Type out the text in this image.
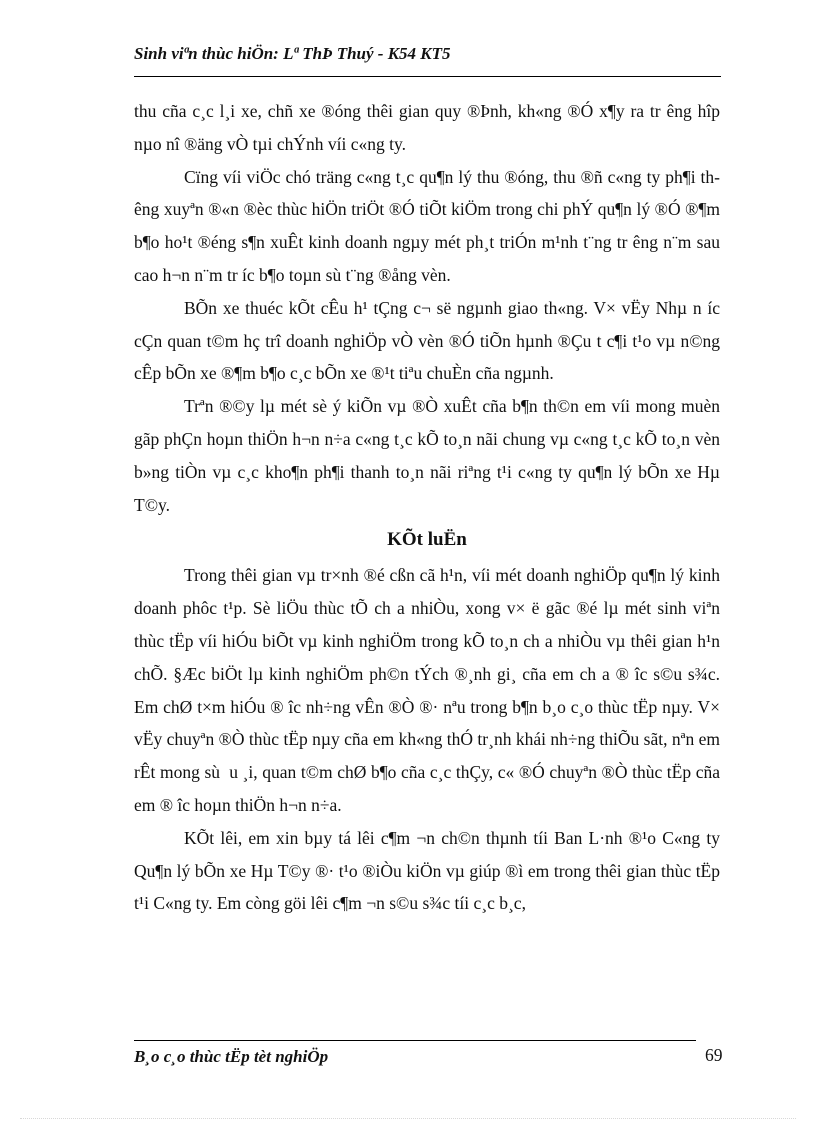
Sinh viªn thùc hiÖn: Lª ThÞ Thuý - K54 KT5

thu cña c¸c l¸i xe, chñ xe ®óng thêi gian quy ®Þnh, kh«ng ®Ó x¶y ra tr êng hîp nµo nî ®äng vÒ tµi chÝnh víi c«ng ty.

Cïng víi viÖc chó träng c«ng t¸c qu¶n lý thu ®óng, thu ®ñ c«ng ty ph¶i th êng xuyªn ®«n ®èc thùc hiÖn triÖt ®Ó tiÕt kiÖm trong chi phÝ qu¶n lý ®Ó ®¶m b¶o ho¹t ®éng s¶n xuÊt kinh doanh ngµy mét ph¸t triÓn m¹nh t¨ng tr êng n¨m sau cao h¬n n¨m tr íc b¶o toµn sù t¨ng ®ång vèn.

BÕn xe thuéc kÕt cÊu h¹ tÇng c¬ së ngµnh giao th«ng. V× vËy Nhµ n íc cÇn quan t©m hç trî doanh nghiÖp vÒ vèn ®Ó tiÕn hµnh ®Çu t c¶i t¹o vµ n©ng cÊp bÕn xe ®¶m b¶o c¸c bÕn xe ®¹t tiªu chuÈn cña ngµnh.

Trªn ®©y lµ mét sè ý kiÕn vµ ®Ò xuÊt cña b¶n th©n em víi mong muèn gãp phÇn hoµn thiÖn h¬n n÷a c«ng t¸c kÕ to¸n nãi chung vµ c«ng t¸c kÕ to¸n vèn b»ng tiÒn vµ c¸c kho¶n ph¶i thanh to¸n nãi riªng t¹i c«ng ty qu¶n lý bÕn xe Hµ T©y.

KÕt luËn

Trong thêi gian vµ tr×nh ®é cßn cã h¹n, víi mét doanh nghiÖp qu¶n lý kinh doanh phôc t¹p. Sè liÖu thùc tÕ ch a nhiÒu, xong v× ë gãc ®é lµ mét sinh viªn thùc tËp víi hiÓu biÕt vµ kinh nghiÖm trong kÕ to¸n ch a nhiÒu vµ thêi gian h¹n chÕ. §Æc biÖt lµ kinh nghiÖm ph©n tÝch ®¸nh gi¸ cña em ch a ® îc s©u s¾c. Em chØ t×m hiÓu ® îc nh÷ng vÊn ®Ò ®· nªu trong b¶n b¸o c¸o thùc tËp nµy. V× vËy chuyªn ®Ò thùc tËp nµy cña em kh«ng thÓ tr¸nh khái nh÷ng thiÕu sãt, nªn em rÊt mong sù u ¸i, quan t©m chØ b¶o cña c¸c thÇy, c« ®Ó chuyªn ®Ò thùc tËp cña em ® îc hoµn thiÖn h¬n n÷a.

KÕt lêi, em xin bµy tá lêi c¶m ¬n ch©n thµnh tíi Ban L·nh ®¹o C«ng ty Qu¶n lý bÕn xe Hµ T©y ®· t¹o ®iÒu kiÖn vµ giúp ®ì em trong thêi gian thùc tËp t¹i C«ng ty. Em còng göi lêi c¶m ¬n s©u s¾c tíi c¸c b¸c,

B¸o c¸o thùc tËp tèt nghiÖp	69
